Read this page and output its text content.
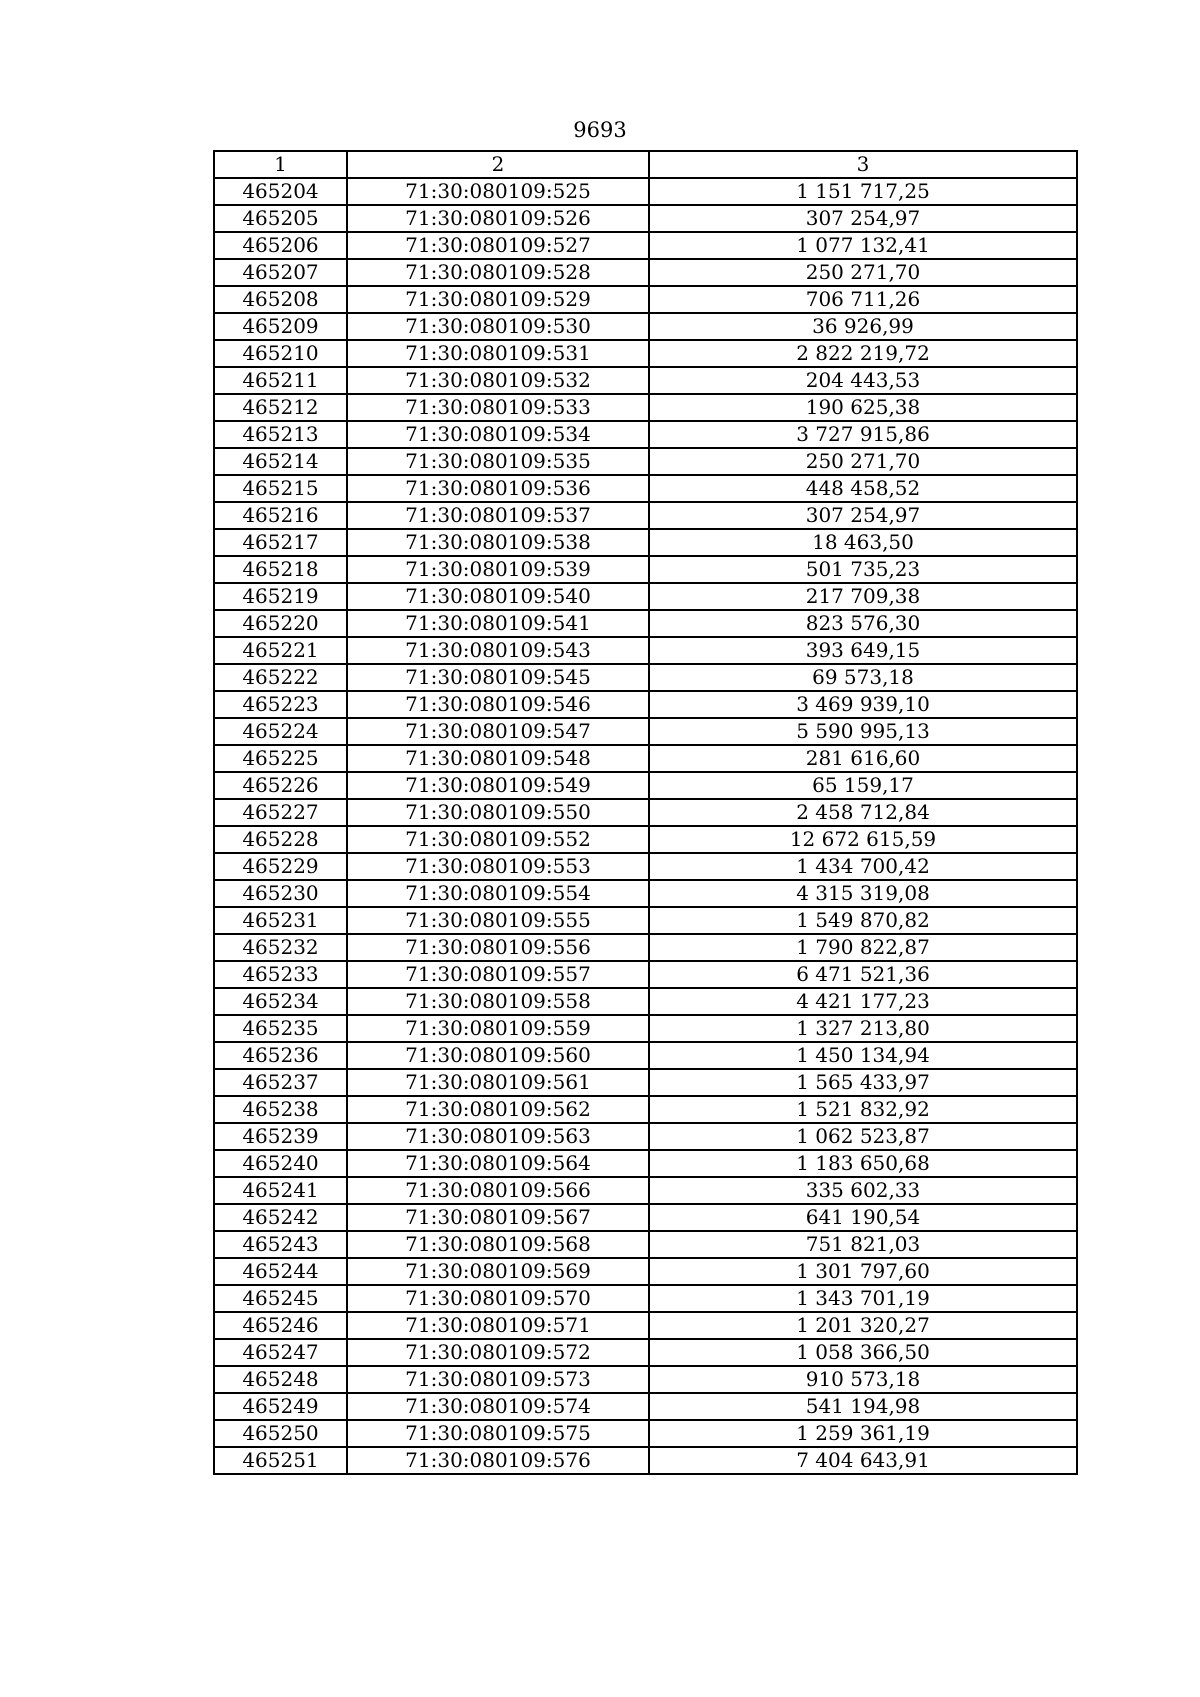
9693
1	2	3
465204	71:30:080109:525	1 151 717,25
465205	71:30:080109:526	307 254,97
465206	71:30:080109:527	1 077 132,41
465207	71:30:080109:528	250 271,70
465208	71:30:080109:529	706 711,26
465209	71:30:080109:530	36 926,99
465210	71:30:080109:531	2 822 219,72
465211	71:30:080109:532	204 443,53
465212	71:30:080109:533	190 625,38
465213	71:30:080109:534	3 727 915,86
465214	71:30:080109:535	250 271,70
465215	71:30:080109:536	448 458,52
465216	71:30:080109:537	307 254,97
465217	71:30:080109:538	18 463,50
465218	71:30:080109:539	501 735,23
465219	71:30:080109:540	217 709,38
465220	71:30:080109:541	823 576,30
465221	71:30:080109:543	393 649,15
465222	71:30:080109:545	69 573,18
465223	71:30:080109:546	3 469 939,10
465224	71:30:080109:547	5 590 995,13
465225	71:30:080109:548	281 616,60
465226	71:30:080109:549	65 159,17
465227	71:30:080109:550	2 458 712,84
465228	71:30:080109:552	12 672 615,59
465229	71:30:080109:553	1 434 700,42
465230	71:30:080109:554	4 315 319,08
465231	71:30:080109:555	1 549 870,82
465232	71:30:080109:556	1 790 822,87
465233	71:30:080109:557	6 471 521,36
465234	71:30:080109:558	4 421 177,23
465235	71:30:080109:559	1 327 213,80
465236	71:30:080109:560	1 450 134,94
465237	71:30:080109:561	1 565 433,97
465238	71:30:080109:562	1 521 832,92
465239	71:30:080109:563	1 062 523,87
465240	71:30:080109:564	1 183 650,68
465241	71:30:080109:566	335 602,33
465242	71:30:080109:567	641 190,54
465243	71:30:080109:568	751 821,03
465244	71:30:080109:569	1 301 797,60
465245	71:30:080109:570	1 343 701,19
465246	71:30:080109:571	1 201 320,27
465247	71:30:080109:572	1 058 366,50
465248	71:30:080109:573	910 573,18
465249	71:30:080109:574	541 194,98
465250	71:30:080109:575	1 259 361,19
465251	71:30:080109:576	7 404 643,91
